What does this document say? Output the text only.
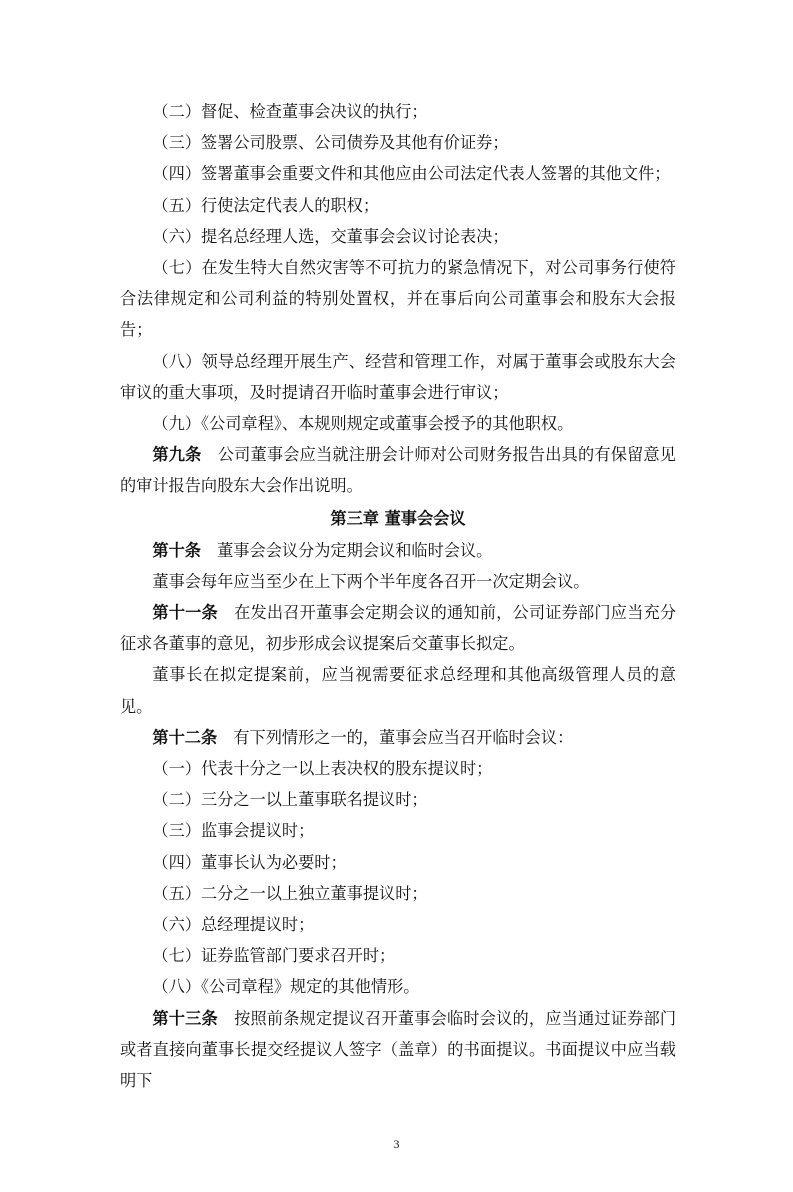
（二）督促、检查董事会决议的执行；

（三）签署公司股票、公司债券及其他有价证券；

（四）签署董事会重要文件和其他应由公司法定代表人签署的其他文件；

（五）行使法定代表人的职权；

（六）提名总经理人选，交董事会会议讨论表决；

（七）在发生特大自然灾害等不可抗力的紧急情况下，对公司事务行使符合法律规定和公司利益的特别处置权，并在事后向公司董事会和股东大会报告；

（八）领导总经理开展生产、经营和管理工作，对属于董事会或股东大会审议的重大事项，及时提请召开临时董事会进行审议；

（九）《公司章程》、本规则规定或董事会授予的其他职权。

第九条 公司董事会应当就注册会计师对公司财务报告出具的有保留意见的审计报告向股东大会作出说明。

第三章 董事会会议

第十条 董事会会议分为定期会议和临时会议。

董事会每年应当至少在上下两个半年度各召开一次定期会议。

第十一条 在发出召开董事会定期会议的通知前，公司证券部门应当充分征求各董事的意见，初步形成会议提案后交董事长拟定。

董事长在拟定提案前，应当视需要征求总经理和其他高级管理人员的意见。

第十二条 有下列情形之一的，董事会应当召开临时会议：

（一）代表十分之一以上表决权的股东提议时；

（二）三分之一以上董事联名提议时；

（三）监事会提议时；

（四）董事长认为必要时；

（五）二分之一以上独立董事提议时；

（六）总经理提议时；

（七）证券监管部门要求召开时；

（八）《公司章程》规定的其他情形。

第十三条 按照前条规定提议召开董事会临时会议的，应当通过证券部门或者直接向董事长提交经提议人签字（盖章）的书面提议。书面提议中应当载明下

3
